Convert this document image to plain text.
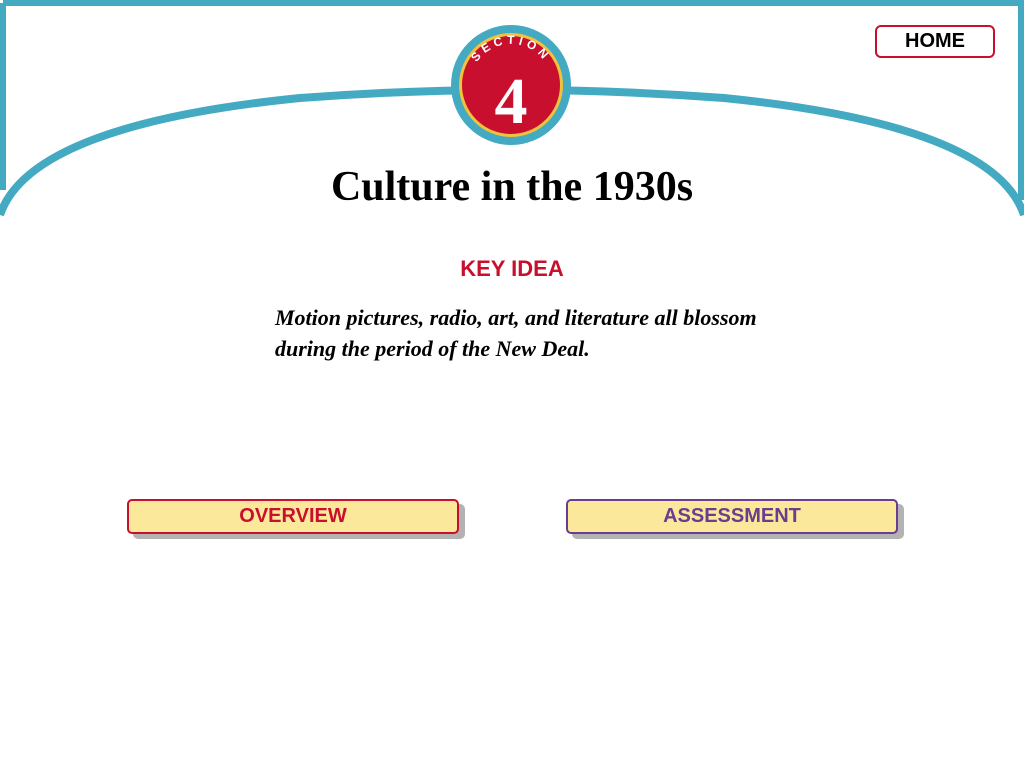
HOME
SECTION
4
Culture in the 1930s
KEY IDEA
Motion pictures, radio, art, and literature all blossom during the period of the New Deal.
OVERVIEW	ASSESSMENT
